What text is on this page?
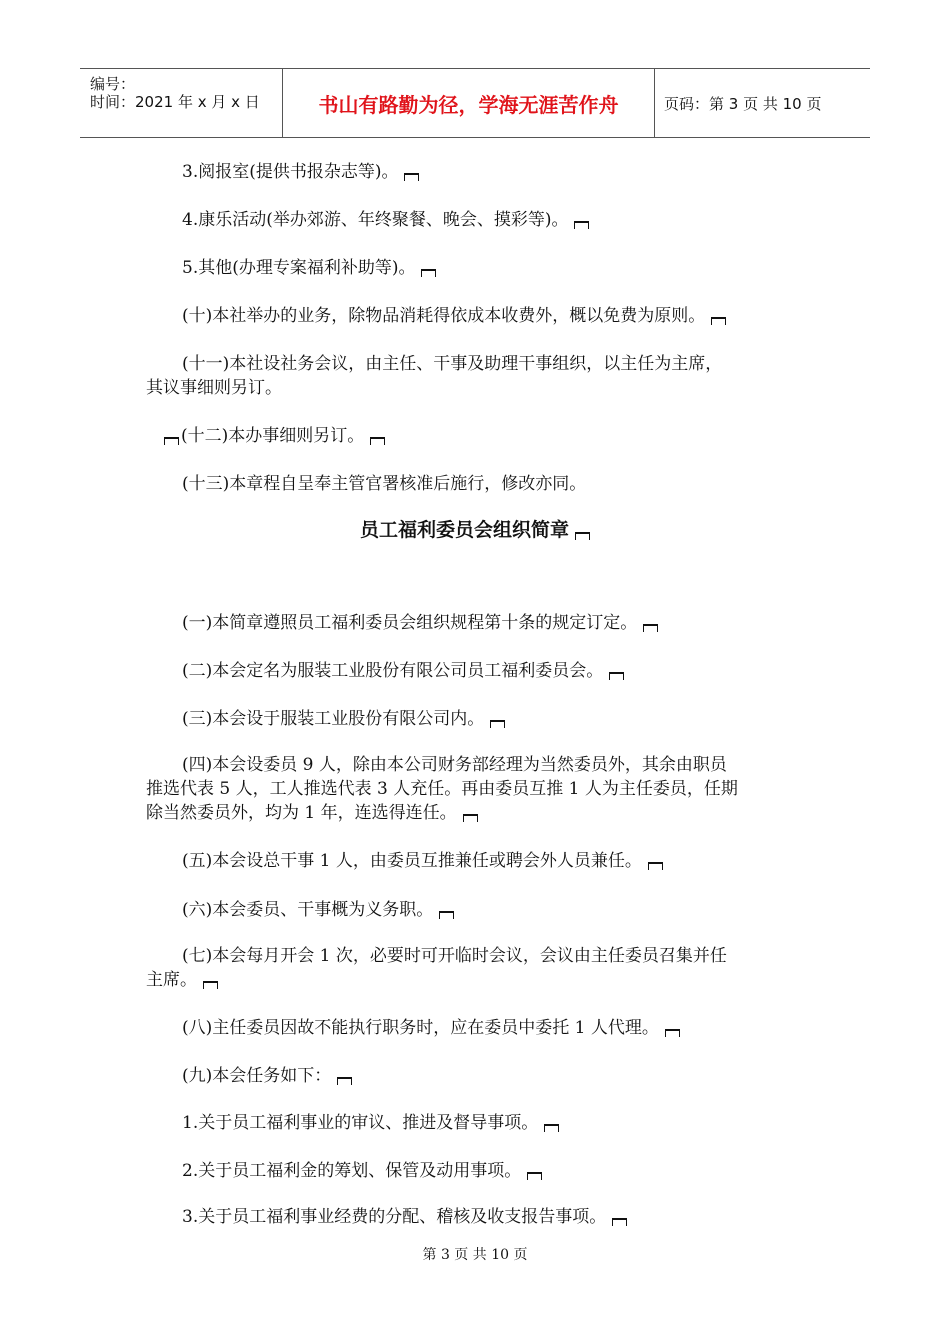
编号：
时间：2021 年 x 月 x 日	书山有路勤为径，学海无涯苦作舟	页码：第 3 页 共 10 页
3.阅报室(提供书报杂志等)。
4.康乐活动(举办郊游、年终聚餐、晚会、摸彩等)。
5.其他(办理专案福利补助等)。
(十)本社举办的业务，除物品消耗得依成本收费外，概以免费为原则。
(十一)本社设社务会议，由主任、干事及助理干事组织，以主任为主席，
其议事细则另订。
(十二)本办事细则另订。
(十三)本章程自呈奉主管官署核准后施行，修改亦同。
员工福利委员会组织简章
(一)本简章遵照员工福利委员会组织规程第十条的规定订定。
(二)本会定名为服装工业股份有限公司员工福利委员会。
(三)本会设于服装工业股份有限公司内。
(四)本会设委员 9 人，除由本公司财务部经理为当然委员外，其余由职员
推选代表 5 人，工人推选代表 3 人充任。再由委员互推 1 人为主任委员，任期
除当然委员外，均为 1 年，连选得连任。
(五)本会设总干事 1 人，由委员互推兼任或聘会外人员兼任。
(六)本会委员、干事概为义务职。
(七)本会每月开会 1 次，必要时可开临时会议，会议由主任委员召集并任
主席。
(八)主任委员因故不能执行职务时，应在委员中委托 1 人代理。
(九)本会任务如下：
1.关于员工福利事业的审议、推进及督导事项。
2.关于员工福利金的筹划、保管及动用事项。
3.关于员工福利事业经费的分配、稽核及收支报告事项。
第 3 页 共 10 页
